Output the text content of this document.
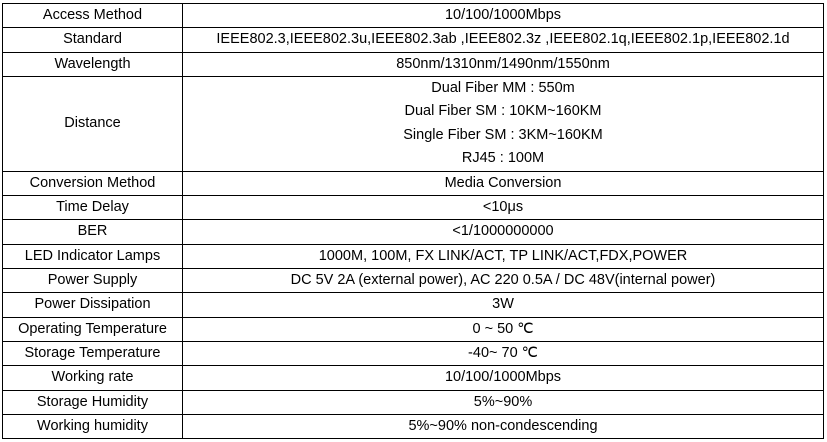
Access Method	10/100/1000Mbps
Standard	IEEE802.3,IEEE802.3u,IEEE802.3ab ,IEEE802.3z ,IEEE802.1q,IEEE802.1p,IEEE802.1d
Wavelength	850nm/1310nm/1490nm/1550nm
Distance	Dual Fiber MM : 550m
Dual Fiber SM : 10KM~160KM
Single Fiber SM : 3KM~160KM
RJ45 : 100M

Conversion Method	Media Conversion
Time Delay	<10μs
BER	<1/1000000000
LED Indicator Lamps	1000M, 100M, FX LINK/ACT, TP LINK/ACT,FDX,POWER
Power Supply	DC 5V 2A (external power), AC 220 0.5A / DC 48V(internal power)
Power Dissipation	3W
Operating Temperature	0 ~ 50 ℃
Storage Temperature	-40~ 70 ℃
Working rate	10/100/1000Mbps
Storage Humidity	5%~90%
Working humidity	5%~90% non-condescending
